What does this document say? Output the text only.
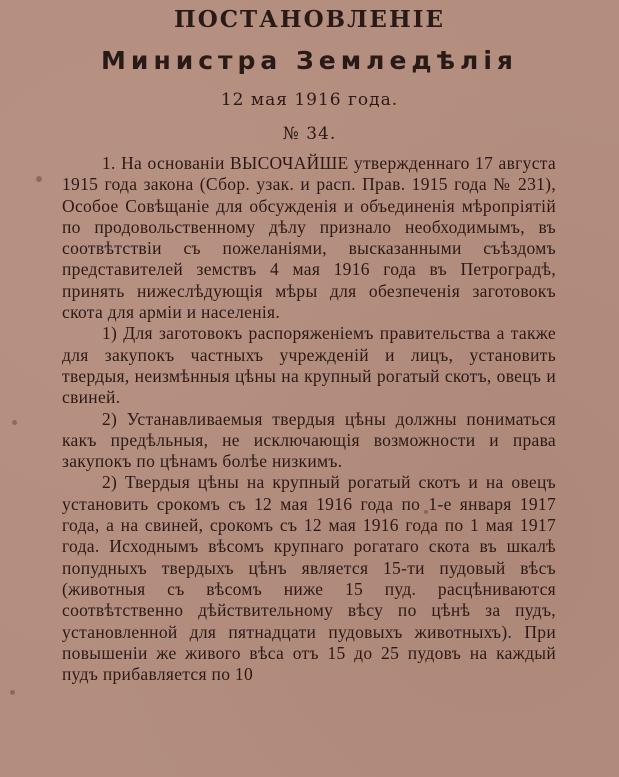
ПОСТАНОВЛЕНІЕ
Министра Земледѣлія
12 мая 1916 года.
№ 34.

1. На основаніи ВЫСОЧАЙШЕ утвержденнаго 17 августа 1915 года закона (Сбор. узак. и расп. Прав. 1915 года № 231), Особое Совѣщаніе для обсужденія и объединенія мѣропріятій по продовольственному дѣлу признало необходимымъ, въ соотвѣтствіи съ пожеланіями, высказанными съѣздомъ представителей земствъ 4 мая 1916 года въ Петроградѣ, принять нижеслѣдующія мѣры для обезпеченія заготовокъ скота для арміи и населенія.

1) Для заготовокъ распоряженіемъ правительства а также для закупокъ частныхъ учрежденій и лицъ, установить твердыя, неизмѣнныя цѣны на крупный рогатый скотъ, овецъ и свиней.

2) Устанавливаемыя твердыя цѣны должны пониматься какъ предѣльныя, не исключающія возможности и права закупокъ по цѣнамъ болѣе низкимъ.

2) Твердыя цѣны на крупный рогатый скотъ и на овецъ установить срокомъ съ 12 мая 1916 года по 1-е января 1917 года, а на свиней, срокомъ съ 12 мая 1916 года по 1 мая 1917 года. Исходнымъ вѣсомъ крупнаго рогатаго скота въ шкалѣ попудныхъ твердыхъ цѣнъ является 15-ти пудовый вѣсъ (животныя съ вѣсомъ ниже 15 пуд. расцѣниваются соотвѣтственно дѣйствительному вѣсу по цѣнѣ за пудъ, установленной для пятнадцати пудовыхъ животныхъ). При повышеніи же живого вѣса отъ 15 до 25 пудовъ на каждый пудъ прибавляется по 10
